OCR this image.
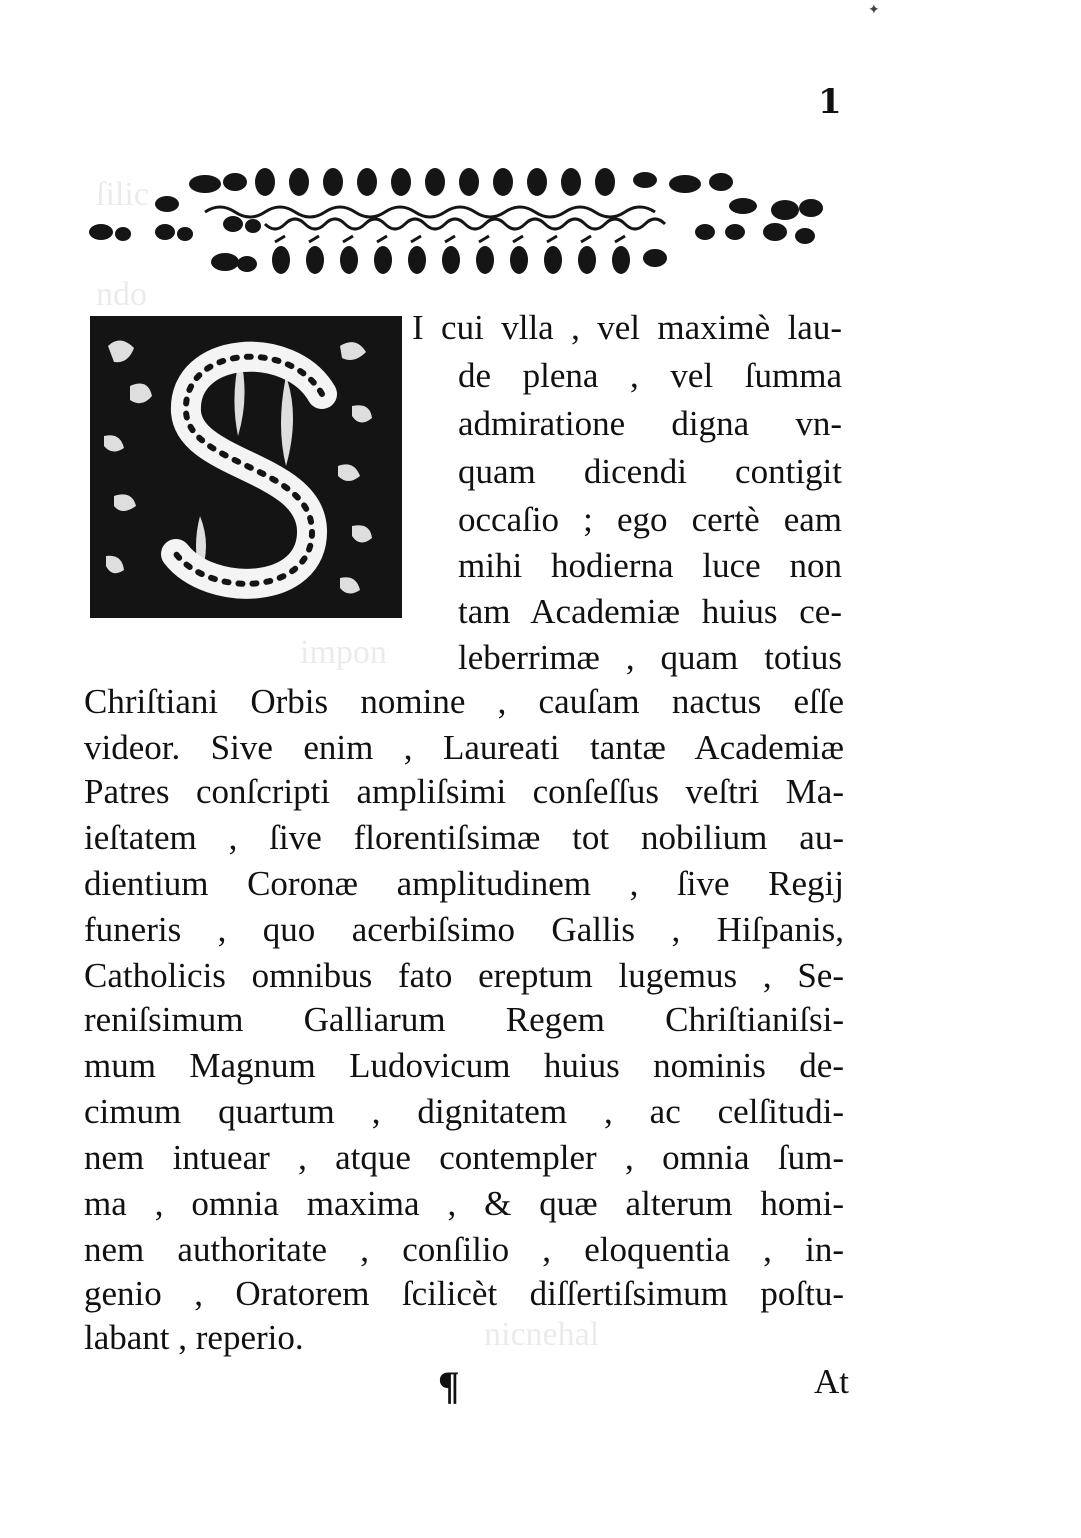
✦
1
ſilic
ndo
impon
nicnehal

I cui vlla , vel maximè lau-

de plena , vel ſumma

admiratione digna vn-

quam dicendi contigit

occaſio ; ego certè eam

mihi hodierna luce non

tam Academiæ huius ce-

leberrimæ , quam totius

Chriſtiani Orbis nomine , cauſam nactus eſſe

videor. Sive enim , Laureati tantæ Academiæ

Patres conſcripti ampliſsimi conſeſſus veſtri Ma-

ieſtatem , ſive florentiſsimæ tot nobilium au-

dientium Coronæ amplitudinem , ſive Regij

funeris , quo acerbiſsimo Gallis , Hiſpanis,

Catholicis omnibus fato ereptum lugemus , Se-

reniſsimum Galliarum Regem Chriſtianiſsi-

mum Magnum Ludovicum huius nominis de-

cimum quartum , dignitatem , ac celſitudi-

nem intuear , atque contempler , omnia ſum-

ma , omnia maxima , & quæ alterum homi-

nem authoritate , conſilio , eloquentia , in-

genio , Oratorem ſcilicèt diſſertiſsimum poſtu-

labant , reperio.

¶	At
